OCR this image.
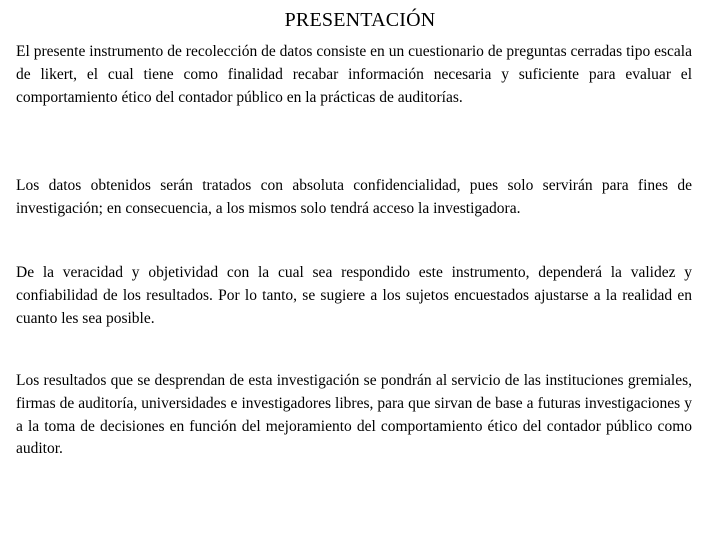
PRESENTACIÓN

El presente instrumento de recolección de datos consiste en un cuestionario de preguntas cerradas tipo escala de likert, el cual tiene como finalidad recabar información necesaria y suficiente para evaluar el comportamiento ético del contador público en la prácticas de auditorías.

Los datos obtenidos serán tratados con absoluta confidencialidad, pues solo servirán para fines de investigación; en consecuencia, a los mismos solo tendrá acceso la investigadora.

De la veracidad y objetividad con la cual sea respondido este instrumento, dependerá la validez y confiabilidad de los resultados. Por lo tanto, se sugiere a los sujetos encuestados ajustarse a la realidad en cuanto les sea posible.

Los resultados que se desprendan de esta investigación se pondrán al servicio de las instituciones gremiales, firmas de auditoría, universidades e investigadores libres, para que sirvan de base a futuras investigaciones y a la toma de decisiones en función del mejoramiento del comportamiento ético del contador público como auditor.
